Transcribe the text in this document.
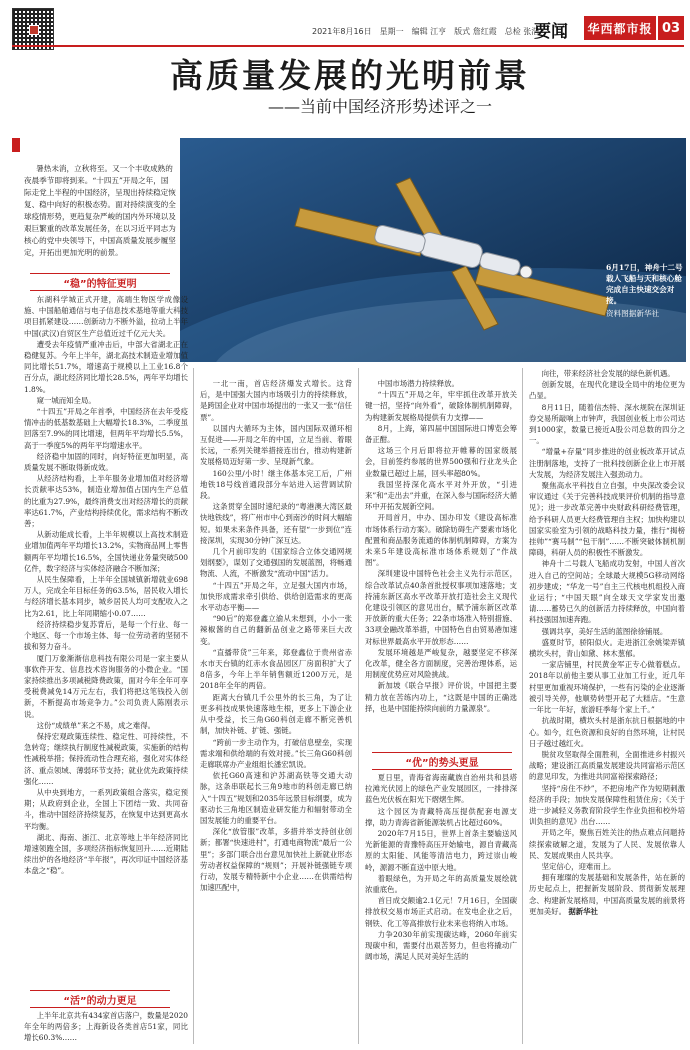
2021年8月16日　星期一　编辑 江亨　版式 詹红霞　总检 张浩
要闻 华西都市报 03
高质量发展的光明前景
——当前中国经济形势述评之一

暑热未消，立秋将至。又一个丰收成熟的夜晨季节即将到来。“十四五”开局之年，国际走党上半程的中国经济，呈现出持续稳定恢复、稳中向好的积极态势。面对持续演变的全球疫情形势，更趋复杂严峻的国内外环境以及艰巨繁重的改革发展任务，在以习近平同志为核心的党中央领导下，中国高质量发展步履坚定，开拓出更加光明的前景。

6月17日，神舟十二号载人飞船与天和核心舱完成自主快速交会对接。
资料图据新华社
“稳”的特征更明

东湖科学城正式开建，高端生物医学成像设施、中国船舶通信与电子信息技术基地等重大科技项目抓紧建设……创新动力不断外溢，拉动上半年中国(武汉)自贸区生产总值近过千亿元大关。

遭受去年疫情严重冲击后，中部大省湖北正在稳健复苏。今年上半年，湖北高技术制造业增加值同比增长51.7%，增速高于规模以上工业16.8个百分点，湖北经济同比增长28.5%，两年平均增长1.8%。

窥一城而知全局。

“十四五”开局之年首季，中国经济在去年受疫情冲击的低基数基础上大幅增长18.3%，二季度虽回落至7.9%的同比增速，但两年平均增长5.5%，高于一季度5%的两年平均增速水平。

经济稳中加固的同时，向好特征更加明显，高质量发展不断取得新成效。

从经济结构看，上半年服务业增加值对经济增长贡献率达53%，制造业增加值占国内生产总值的比重为27.9%，最终消费支出对经济增长的贡献率达61.7%，产业结构持续优化，需求结构不断改善；

从新动能成长看，上半年规模以上高技术制造业增加值两年平均增长13.2%，实物商品网上零售额两年平均增长16.5%，全国快递业务量突破500亿件，数字经济与实体经济融合不断加深；

从民生保障看，上半年全国城镇新增就业698万人，完成全年目标任务的63.5%，居民收入增长与经济增长基本同步，城乡居民人均可支配收入之比为2.61，比上年同期缩小0.07……

经济持续稳步复苏背后，是每一个行业、每一个地区、每一个市场主体、每一位劳动者的坚韧不拔和努力奋斗。

厦门万象渐渐信息科技有限公司是一家主要从事软件开发、信息技术咨询服务的小微企业。“国家持续推出多项减税降费政策，面对今年全年可享受税费减免14万元左右，我们将把这笔钱投入创新，不断提高市场竞争力。”公司负责人陈刚表示说。

这份“成绩单”来之不易，成之难得。

保持宏观政策连续性、稳定性、可持续性，不急转弯；继续执行制度性减税政策，实施新的结构性减税举措；保持流动性合理充裕，强化对实体经济、重点领域、薄弱环节支持；就业优先政策持续强化……

从中央到地方，一系列政策组合落实，稳定预期；从政府到企业，全国上下团结一致、共同奋斗，推动中国经济持续复苏，在恢复中达到更高水平均衡。

湖北、海南、浙江、北京等地上半年经济同比增速领跑全国，多项经济指标恢复回升……近期陆续出炉的各地经济“半年报”，再次印证中国经济基本盘之“稳”。

“活”的动力更足

上半年北京共有434家首店落户，数量是2020年全年的两倍多；上海新设各类首店51家，同比增长60.3%……

一北一南，首店经济爆发式增长。这背后，是中国强大国内市场吸引力的持续释放，是跨国企业对中国市场提出的一张又一张“信任票”。

以国内大循环为主体，国内国际双循环相互促进——开局之年的中国，立足当前、着眼长远，一系列关键举措接连出台，推动构建新发展格局迈好第一步、呈现新气象。

160公里/小时！继主体基本完工后，广州地铁18号线首通段部分车站进入运营调试阶段。

这条贯穿全国时速纪录的“粤港澳大湾区最快地铁线”，将广州市中心到南沙的时间大幅缩短。如果未来条件具备，还有望“一步到位”连接深圳，实现30分钟广深互达。

几个月前印发的《国家综合立体交通网规划纲要》，谋划了交通强国的发展蓝图，将畅通物流、人流，不断激发“流动中国”活力。

“十四五”开局之年，立足强大国内市场，加快形成需求牵引供给、供给创造需求的更高水平动态平衡——

“90后”的郑登鑫立渝从未想到，小小一张辣椒酱的自己的翻新品创业之路带来巨大改变。

“直播带货”三年来，郑登鑫位于贵州省赤水市天台镇的红赤水食品园区厂房面积扩大了8倍多，今年上半年销售额近1200万元，是2018年全年的两倍。

距离大台镇几千公里外的长三角，为了让更多科技成果快速落地生根，更多上下游企业从中受益，长三角G60科创走廊不断完善机制，加快补链、扩链、强链。

“跨前一步主动作为，打破信息壁垒，实现需求端和供给端的有效对接。”长三角G60科创走廊联席办产业组组长潘宏凯说。

依托G60高速和沪苏湖高铁等交通大动脉，这条串联起长三角9地市的科创走廊已纳入“十四五”规划和2035年远景目标纲要，成为驱动长三角地区制造业研发能力和辐射带动全国发展能力的重要平台。

深化“放管服”改革，多措并举支持创业创新；都署“快速进村”，打通电商物流“最后一公里”；多部门联合出台意见加快社上新就业形态劳动者权益保障的“规则”；开展补链强链专项行动，发展专精特新中小企业……在供需结构加速匹配中，

中国市场潜力持续释放。

“十四五”开局之年，牢牢抓住改革开放关键一招，坚持“向外看”，破除体制机制障碍，为构建新发展格局提供有力支撑——

8月，上海，第四届中国国际进口博览会筹备正酣。

这场三个月后即将拉开帷幕的国家级展会，目前签约参展的世界500强和行业龙头企业数量已超过上届，回头率超80%。

我国坚持深化高水平对外开放，“引进来”和“走出去”并重，在深入参与国际经济大循环中开拓发展新空间。

开局首月，中办、国办印发《建设高标准市场体系行动方案》。破除妨碍生产要素市场化配置和商品服务流通的体制机制障碍，方案为未来5年建设高标准市场体系规划了“作战图”。

深圳建设中国特色社会主义先行示范区，综合改革试点40条首批授权事项加速落地；支持浦东新区高水平改革开放打造社会主义现代化建设引领区的意见出台，赋予浦东新区改革开放新的重大任务；22条市场准入特别措施、33项金融改革举措，中国特色自由贸易港加速对标世界最高水平开放形态……

发展环境越是严峻复杂，越要坚定不移深化改革，健全各方面制度，完善治理体系，运用制度优势应对风险挑战。

新加坡《联合早报》评价说，中国把主要精力放在苦练内功上，“这既是中国的正确选择，也是中国能持续向前的力量源泉”。

“优”的势头更显

夏日里，青海省海南藏族自治州共和县塔拉滩光伏园上的绿色产业发展园区，一排排深蓝色光伏板在阳光下熠熠生辉。

这个园区为青藏特高压提供配套电源支撑，助力青海省新能源装机占比超过60%。

2020年7月15日，世界上首条主要输送风光新能源的青豫特高压开始输电，源自青藏高原的太阳能、风能等清洁电力，跨过崇山峻岭，源源不断直送中原大地。

着眼绿色，为开局之年的高质量发展绘就浓重底色。

首日成交额逾2.1亿元！7月16日，全国碳排放权交易市场正式启动。在发电企业之后，钢铁、化工等高排放行业未来也将纳入市场。

力争2030年前实现碳达峰，2060年前实现碳中和，需要付出艰苦努力，但也将撬动广阔市场，满足人民对美好生活的

向往，带来经济社会发展的绿色新机遇。

创新发展，在现代化建设全局中的地位更为凸显。

8月11日，随着信杰特、深水规院在深圳证券交易所敲响上市钟声，我国创业板上市公司达到1000家，数量已接近A股公司总数的四分之一。

“增量+存量”同步推进的创业板改革开试点注册制落地，支持了一批科技创新企业上市开展大发展，为经济发展注入强劲动力。

聚焦高水平科技自立自强，中央深改委会议审议通过《关于完善科技成果评价机制的指导意见》；进一步改革完善中央财政科研经费管理，给予科研人员更大经费管理自主权；加快构建以国家实验室为引领的战略科技力量，推行“揭榜挂帅”“赛马制”“包干制”……不断突破体制机制障碍，科研人员的积极性不断激发。

神舟十二号载人飞船成功发射，中国人首次进入自己的空间站；全球最大规模5G移动网络初步建成；“华龙一号”自主三代核电机组投入商业运行；“中国天眼”向全球天文学家发出邀请……蓄势已久的创新活力持续释放，中国向着科技强国加速奔跑。

强调共享，美好生活的蓝图徐徐铺展。

盛夏时节，骄阳似火。走进浙江余姚梁弄镇横坎头村，青山如黛、林木葱郁。

一家店铺里，村民黄金军正专心做着糕点。2018年以前他主要从事工业加工行业，近几年村里更加重视环境保护，一些有污染的企业逐渐被引导关停，他顺势转型开起了大糕店。“生意一年比一年好，旅游旺季每个家上千。”

抗战时期，横坎头村是浙东抗日根据地的中心。如今，红色资源和良好的自然环境，让村民日子越过越红火。

脱贫攻坚取得全面胜利，全面推进乡村振兴战略；建设浙江高质量发展建设共同富裕示范区的意见印发，为推进共同富裕探索路径；

坚持“房住不炒”，不把房地产作为短期刺激经济的手段；加快发展保障性租赁住房；《关于进一步减轻义务教育阶段学生作业负担和校外培训负担的意见》出台……

开局之年，聚焦百姓关注的热点难点问题持续探索破解之道，发展为了人民、发展依靠人民、发展成果由人民共享。

坚定信心，迎难而上。

拥有璀璨的发展基础和发展条件，站在新的历史起点上，把握新发展阶段、贯彻新发展理念、构建新发展格局，中国高质量发展的前景将更加美好。 据新华社
